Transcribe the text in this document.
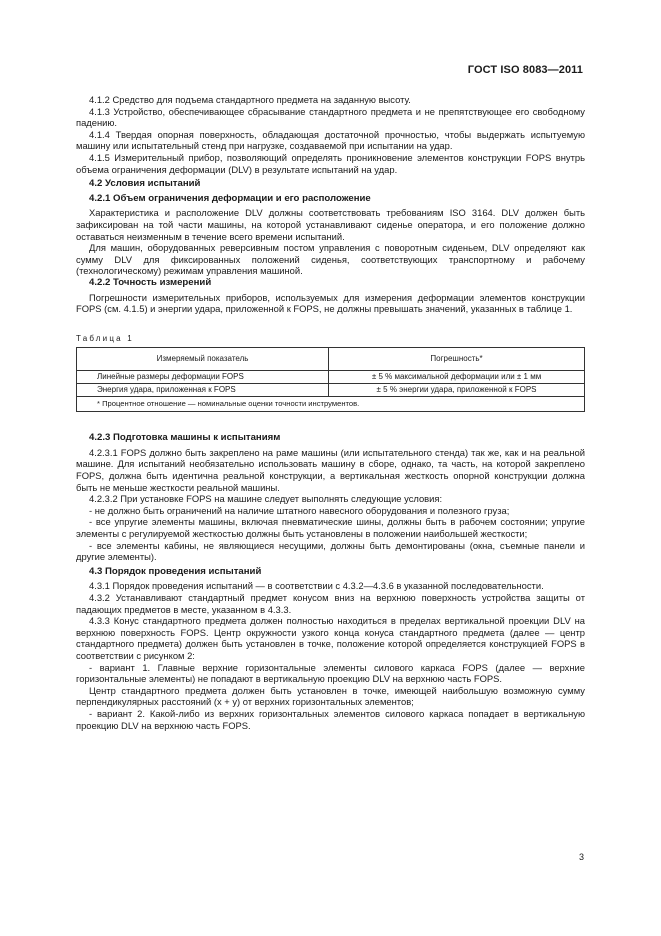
ГОСТ ISO 8083—2011

4.1.2 Средство для подъема стандартного предмета на заданную высоту.

4.1.3 Устройство, обеспечивающее сбрасывание стандартного предмета и не препятствующее его свободному падению.

4.1.4 Твердая опорная поверхность, обладающая достаточной прочностью, чтобы выдержать испытуемую машину или испытательный стенд при нагрузке, создаваемой при испытании на удар.

4.1.5 Измерительный прибор, позволяющий определять проникновение элементов конструкции FOPS внутрь объема ограничения деформации (DLV) в результате испытаний на удар.

4.2 Условия испытаний

4.2.1 Объем ограничения деформации и его расположение

Характеристика и расположение DLV должны соответствовать требованиям ISO 3164. DLV должен быть зафиксирован на той части машины, на которой устанавливают сиденье оператора, и его положение должно оставаться неизменным в течение всего времени испытаний.

Для машин, оборудованных реверсивным постом управления с поворотным сиденьем, DLV определяют как сумму DLV для фиксированных положений сиденья, соответствующих транспортному и рабочему (технологическому) режимам управления машиной.

4.2.2 Точность измерений

Погрешности измерительных приборов, используемых для измерения деформации элементов конструкции FOPS (см. 4.1.5) и энергии удара, приложенной к FOPS, не должны превышать значений, указанных в таблице 1.

Таблица 1
Измеряемый показатель	Погрешность*
Линейные размеры деформации FOPS	± 5 % максимальной деформации или ± 1 мм
Энергия удара, приложенная к FOPS	± 5 % энергии удара, приложенной к FOPS
* Процентное отношение — номинальные оценки точности инструментов.	

4.2.3 Подготовка машины к испытаниям

4.2.3.1 FOPS должно быть закреплено на раме машины (или испытательного стенда) так же, как и на реальной машине. Для испытаний необязательно использовать машину в сборе, однако, та часть, на которой закреплено FOPS, должна быть идентична реальной конструкции, а вертикальная жесткость опорной конструкции должна быть не меньше жесткости реальной машины.

4.2.3.2 При установке FOPS на машине следует выполнять следующие условия:

- не должно быть ограничений на наличие штатного навесного оборудования и полезного груза;

- все упругие элементы машины, включая пневматические шины, должны быть в рабочем состоянии; упругие элементы с регулируемой жесткостью должны быть установлены в положении наибольшей жесткости;

- все элементы кабины, не являющиеся несущими, должны быть демонтированы (окна, съемные панели и другие элементы).

4.3 Порядок проведения испытаний

4.3.1 Порядок проведения испытаний — в соответствии с 4.3.2—4.3.6 в указанной последовательности.

4.3.2 Устанавливают стандартный предмет конусом вниз на верхнюю поверхность устройства защиты от падающих предметов в месте, указанном в 4.3.3.

4.3.3 Конус стандартного предмета должен полностью находиться в пределах вертикальной проекции DLV на верхнюю поверхность FOPS. Центр окружности узкого конца конуса стандартного предмета (далее — центр стандартного предмета) должен быть установлен в точке, положение которой определяется конструкцией FOPS в соответствии с рисунком 2:

- вариант 1. Главные верхние горизонтальные элементы силового каркаса FOPS (далее — верхние горизонтальные элементы) не попадают в вертикальную проекцию DLV на верхнюю часть FOPS.

Центр стандартного предмета должен быть установлен в точке, имеющей наибольшую возможную сумму перпендикулярных расстояний (x + y) от верхних горизонтальных элементов;

- вариант 2. Какой-либо из верхних горизонтальных элементов силового каркаса попадает в вертикальную проекцию DLV на верхнюю часть FOPS.

3
